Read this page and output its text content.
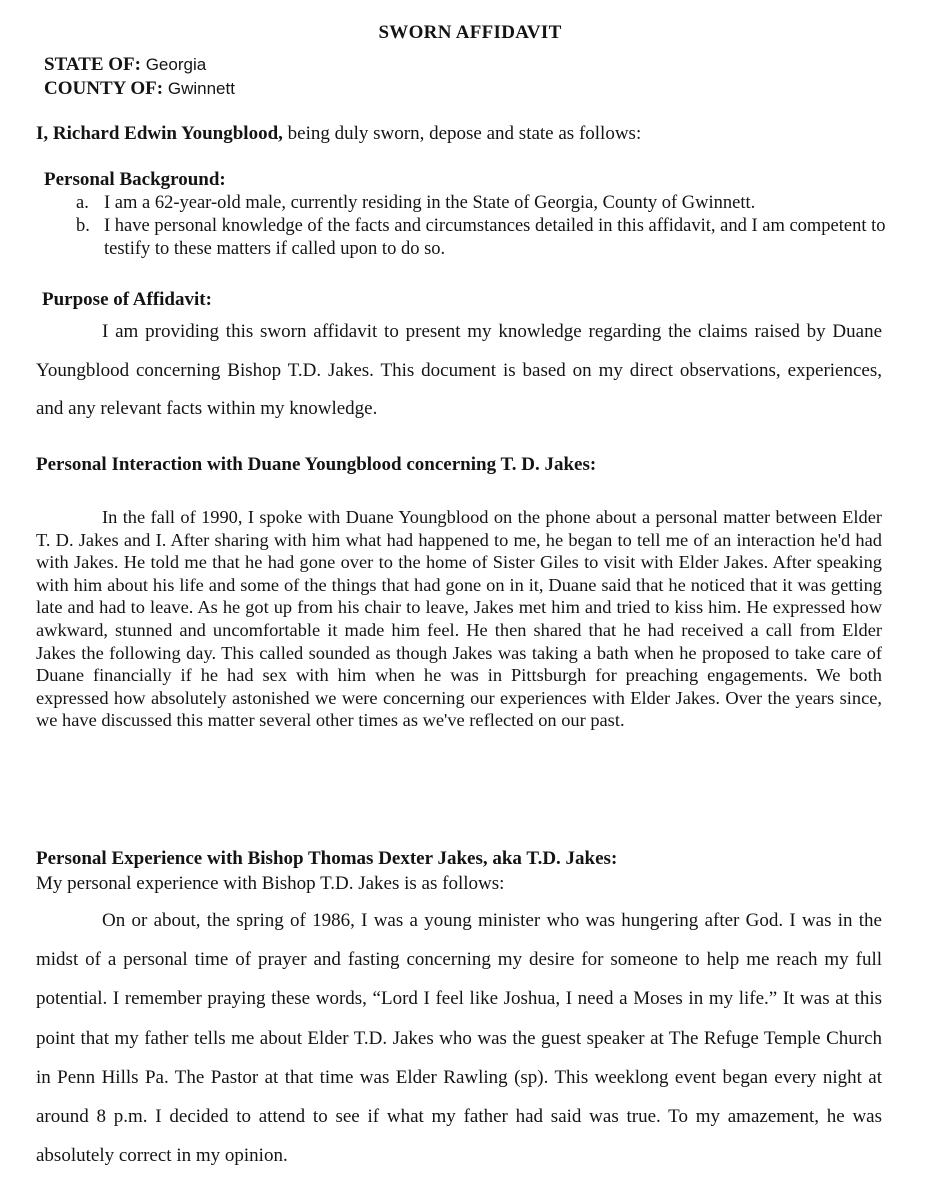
SWORN AFFIDAVIT
STATE OF: Georgia
COUNTY OF: Gwinnett
I, Richard Edwin Youngblood, being duly sworn, depose and state as follows:
Personal Background:
a. I am a 62-year-old male, currently residing in the State of Georgia, County of Gwinnett.
b. I have personal knowledge of the facts and circumstances detailed in this affidavit, and I am competent to testify to these matters if called upon to do so.
Purpose of Affidavit:

I am providing this sworn affidavit to present my knowledge regarding the claims raised by Duane Youngblood concerning Bishop T.D. Jakes. This document is based on my direct observations, experiences, and any relevant facts within my knowledge.

Personal Interaction with Duane Youngblood concerning T. D. Jakes:

In the fall of 1990, I spoke with Duane Youngblood on the phone about a personal matter between Elder T. D. Jakes and I. After sharing with him what had happened to me, he began to tell me of an interaction he'd had with Jakes. He told me that he had gone over to the home of Sister Giles to visit with Elder Jakes. After speaking with him about his life and some of the things that had gone on in it, Duane said that he noticed that it was getting late and had to leave. As he got up from his chair to leave, Jakes met him and tried to kiss him. He expressed how awkward, stunned and uncomfortable it made him feel. He then shared that he had received a call from Elder Jakes the following day. This called sounded as though Jakes was taking a bath when he proposed to take care of Duane financially if he had sex with him when he was in Pittsburgh for preaching engagements. We both expressed how absolutely astonished we were concerning our experiences with Elder Jakes. Over the years since, we have discussed this matter several other times as we've reflected on our past.

Personal Experience with Bishop Thomas Dexter Jakes, aka T.D. Jakes:

My personal experience with Bishop T.D. Jakes is as follows:

On or about, the spring of 1986, I was a young minister who was hungering after God. I was in the midst of a personal time of prayer and fasting concerning my desire for someone to help me reach my full potential. I remember praying these words, “Lord I feel like Joshua, I need a Moses in my life.” It was at this point that my father tells me about Elder T.D. Jakes who was the guest speaker at The Refuge Temple Church in Penn Hills Pa. The Pastor at that time was Elder Rawling (sp). This weeklong event began every night at around 8 p.m. I decided to attend to see if what my father had said was true. To my amazement, he was absolutely correct in my opinion.
